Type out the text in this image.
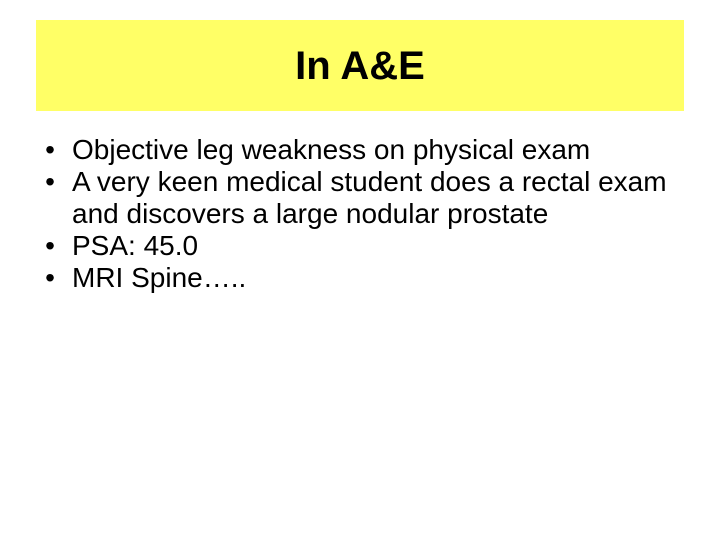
In A&E
• Objective leg weakness on physical exam
• A very keen medical student does a rectal exam and discovers a large nodular prostate
• PSA: 45.0
• MRI Spine…..
